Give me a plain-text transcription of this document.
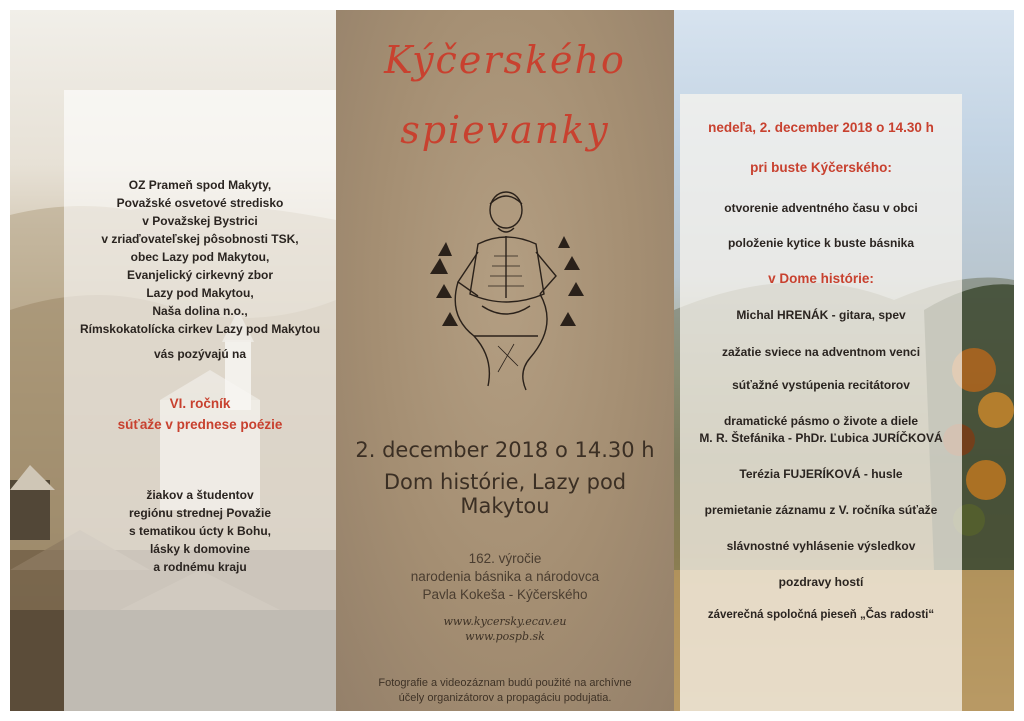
OZ Prameň spod Makyty,
Považské osvetové stredisko
v Považskej Bystrici
v zriaďovateľskej pôsobnosti TSK,
obec Lazy pod Makytou,
Evanjelický cirkevný zbor
Lazy pod Makytou,
Naša dolina n.o.,
Rímskokatolícka cirkev Lazy pod Makytou
vás pozývajú na
VI. ročník
súťaže v prednese poézie
žiakov a študentov
regiónu strednej Považie
s tematikou úcty k Bohu,
lásky k domovine
a rodnému kraju
Kýčerského
spievanky
2. december 2018 o 14.30 h
Dom histórie, Lazy pod Makytou
162. výročie
narodenia básnika a národovca
Pavla Kokeša - Kýčerského
www.kycersky.ecav.eu
www.pospb.sk
Fotografie a videozáznam budú použité na archívne
účely organizátorov a propagáciu podujatia.
nedeľa, 2. december 2018 o 14.30 h
pri buste Kýčerského:
otvorenie adventného času v obci
položenie kytice k buste básnika
v Dome histórie:
Michal HRENÁK - gitara, spev
zažatie sviece na adventnom venci
súťažné vystúpenia recitátorov
dramatické pásmo o živote a diele
M. R. Štefánika - PhDr. Ľubica JURÍČKOVÁ
Terézia FUJERÍKOVÁ - husle
premietanie záznamu z V. ročníka súťaže
slávnostné vyhlásenie výsledkov
pozdravy hostí
záverečná spoločná pieseň „Čas radosti“
